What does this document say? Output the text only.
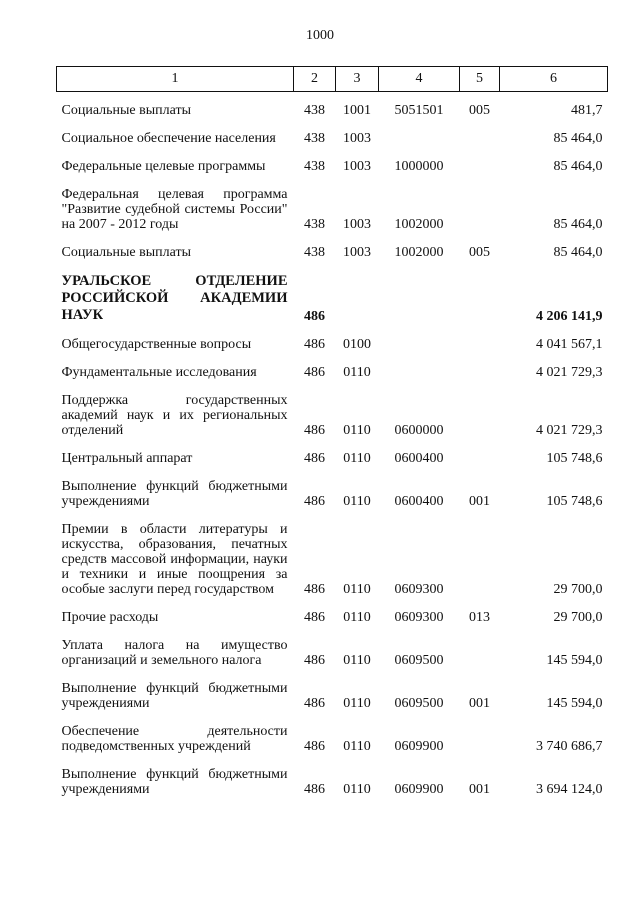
1000
1	2	3	4	5	6
Социальные выплаты	438	1001	5051501	005	481,7
Социальное обеспечение населения	438	1003			85 464,0
Федеральные целевые программы	438	1003	1000000		85 464,0
Федеральная целевая программа "Развитие судебной системы России" на 2007 - 2012 годы	438	1003	1002000		85 464,0
Социальные выплаты	438	1003	1002000	005	85 464,0
УРАЛЬСКОЕ ОТДЕЛЕНИЕ РОССИЙСКОЙ АКАДЕМИИ НАУК	486				4 206 141,9
Общегосударственные вопросы	486	0100			4 041 567,1
Фундаментальные исследования	486	0110			4 021 729,3
Поддержка государственных академий наук и их региональных отделений	486	0110	0600000		4 021 729,3
Центральный аппарат	486	0110	0600400		105 748,6
Выполнение функций бюджетными учреждениями	486	0110	0600400	001	105 748,6
Премии в области литературы и искусства, образования, печатных средств массовой информации, науки и техники и иные поощрения за особые заслуги перед государством	486	0110	0609300		29 700,0
Прочие расходы	486	0110	0609300	013	29 700,0
Уплата налога на имущество организаций и земельного налога	486	0110	0609500		145 594,0
Выполнение функций бюджетными учреждениями	486	0110	0609500	001	145 594,0
Обеспечение деятельности подведомственных учреждений	486	0110	0609900		3 740 686,7
Выполнение функций бюджетными учреждениями	486	0110	0609900	001	3 694 124,0
